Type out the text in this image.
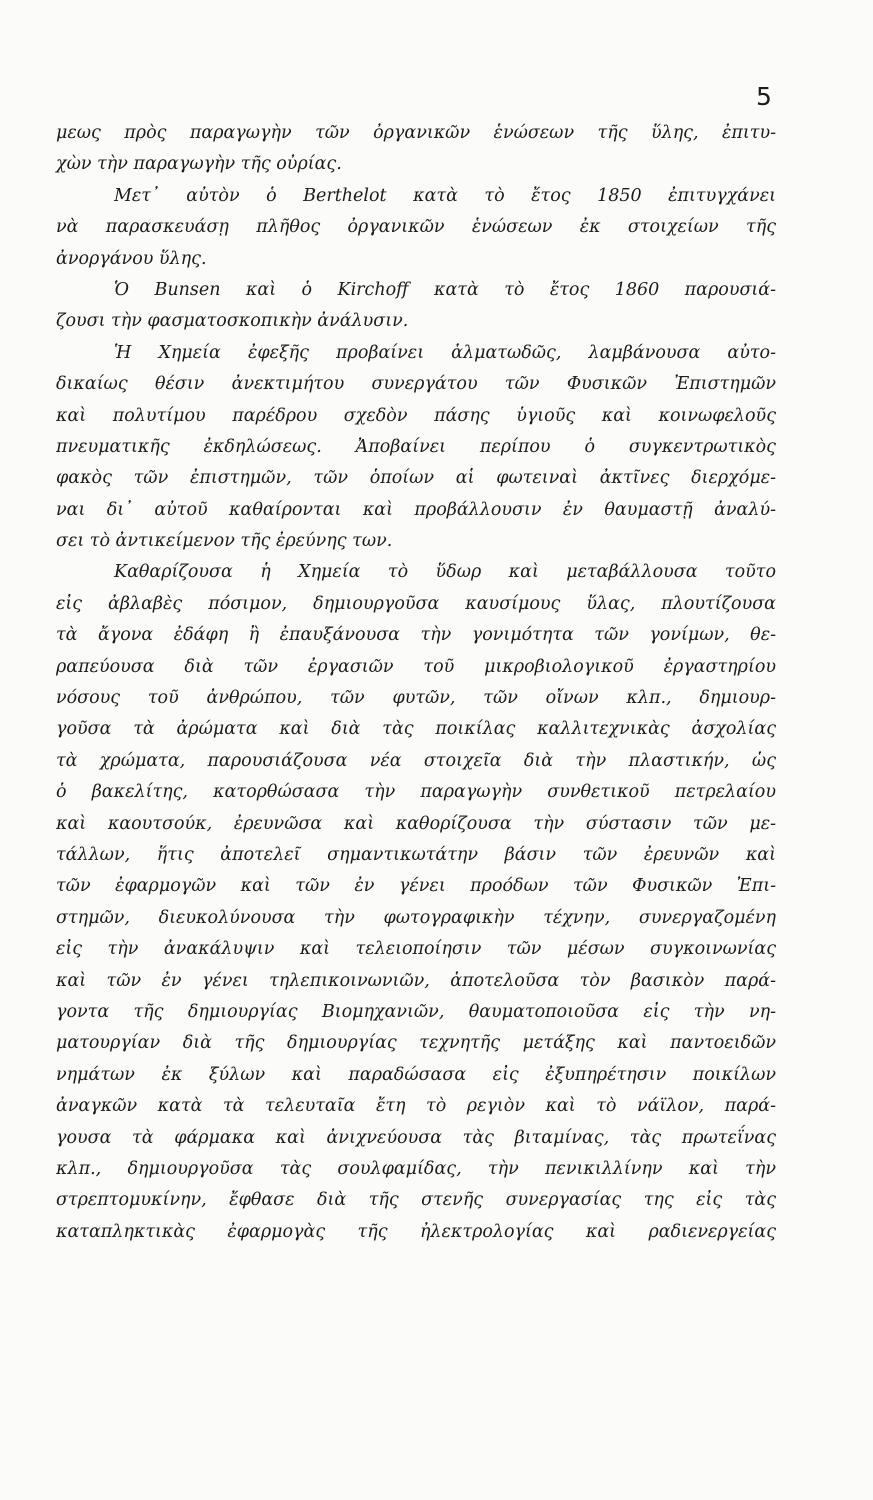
5
μεως πρὸς παραγωγὴν τῶν ὀργανικῶν ἑνώσεων τῆς ὕλης, ἐπιτυ-
χὼν τὴν παραγωγὴν τῆς οὐρίας.
Μετ᾽ αὐτὸν ὁ Berthelot κατὰ τὸ ἔτος 1850 ἐπιτυγχάνει
νὰ παρασκευάσῃ πλῆθος ὀργανικῶν ἑνώσεων ἐκ στοιχείων τῆς
ἀνοργάνου ὕλης.
Ὁ Bunsen καὶ ὁ Kirchoff κατὰ τὸ ἔτος 1860 παρουσιά-
ζουσι τὴν φασματοσκοπικὴν ἀνάλυσιν.
Ἡ Χημεία ἐφεξῆς προβαίνει ἁλματωδῶς, λαμβάνουσα αὐτο-
δικαίως θέσιν ἀνεκτιμήτου συνεργάτου τῶν Φυσικῶν Ἐπιστημῶν
καὶ πολυτίμου παρέδρου σχεδὸν πάσης ὑγιοῦς καὶ κοινωφελοῦς
πνευματικῆς ἐκδηλώσεως. Ἀποβαίνει περίπου ὁ συγκεντρωτικὸς
φακὸς τῶν ἐπιστημῶν, τῶν ὁποίων αἱ φωτειναὶ ἀκτῖνες διερχόμε-
ναι δι᾽ αὐτοῦ καθαίρονται καὶ προβάλλουσιν ἐν θαυμαστῇ ἀναλύ-
σει τὸ ἀντικείμενον τῆς ἐρεύνης των.
Καθαρίζουσα ἡ Χημεία τὸ ὕδωρ καὶ μεταβάλλουσα τοῦτο
εἰς ἀβλαβὲς πόσιμον, δημιουργοῦσα καυσίμους ὕλας, πλουτίζουσα
τὰ ἄγονα ἐδάφη ἢ ἐπαυξάνουσα τὴν γονιμότητα τῶν γονίμων, θε-
ραπεύουσα διὰ τῶν ἐργασιῶν τοῦ μικροβιολογικοῦ ἐργαστηρίου
νόσους τοῦ ἀνθρώπου, τῶν φυτῶν, τῶν οἴνων κλπ., δημιουρ-
γοῦσα τὰ ἀρώματα καὶ διὰ τὰς ποικίλας καλλιτεχνικὰς ἀσχολίας
τὰ χρώματα, παρουσιάζουσα νέα στοιχεῖα διὰ τὴν πλαστικήν, ὡς
ὁ βακελίτης, κατορθώσασα τὴν παραγωγὴν συνθετικοῦ πετρελαίου
καὶ καουτσούκ, ἐρευνῶσα καὶ καθορίζουσα τὴν σύστασιν τῶν με-
τάλλων, ἥτις ἀποτελεῖ σημαντικωτάτην βάσιν τῶν ἐρευνῶν καὶ
τῶν ἐφαρμογῶν καὶ τῶν ἐν γένει προόδων τῶν Φυσικῶν Ἐπι-
στημῶν, διευκολύνουσα τὴν φωτογραφικὴν τέχνην, συνεργαζομένη
εἰς τὴν ἀνακάλυψιν καὶ τελειοποίησιν τῶν μέσων συγκοινωνίας
καὶ τῶν ἐν γένει τηλεπικοινωνιῶν, ἀποτελοῦσα τὸν βασικὸν παρά-
γοντα τῆς δημιουργίας Βιομηχανιῶν, θαυματοποιοῦσα εἰς τὴν νη-
ματουργίαν διὰ τῆς δημιουργίας τεχνητῆς μετάξης καὶ παντοειδῶν
νημάτων ἐκ ξύλων καὶ παραδώσασα εἰς ἐξυπηρέτησιν ποικίλων
ἀναγκῶν κατὰ τὰ τελευταῖα ἔτη τὸ ρεγιὸν καὶ τὸ νάϊλον, παρά-
γουσα τὰ φάρμακα καὶ ἀνιχνεύουσα τὰς βιταμίνας, τὰς πρωτεΐνας
κλπ., δημιουργοῦσα τὰς σουλφαμίδας, τὴν πενικιλλίνην καὶ τὴν
στρεπτομυκίνην, ἔφθασε διὰ τῆς στενῆς συνεργασίας της εἰς τὰς
καταπληκτικὰς ἐφαρμογὰς τῆς ἠλεκτρολογίας καὶ ραδιενεργείας
